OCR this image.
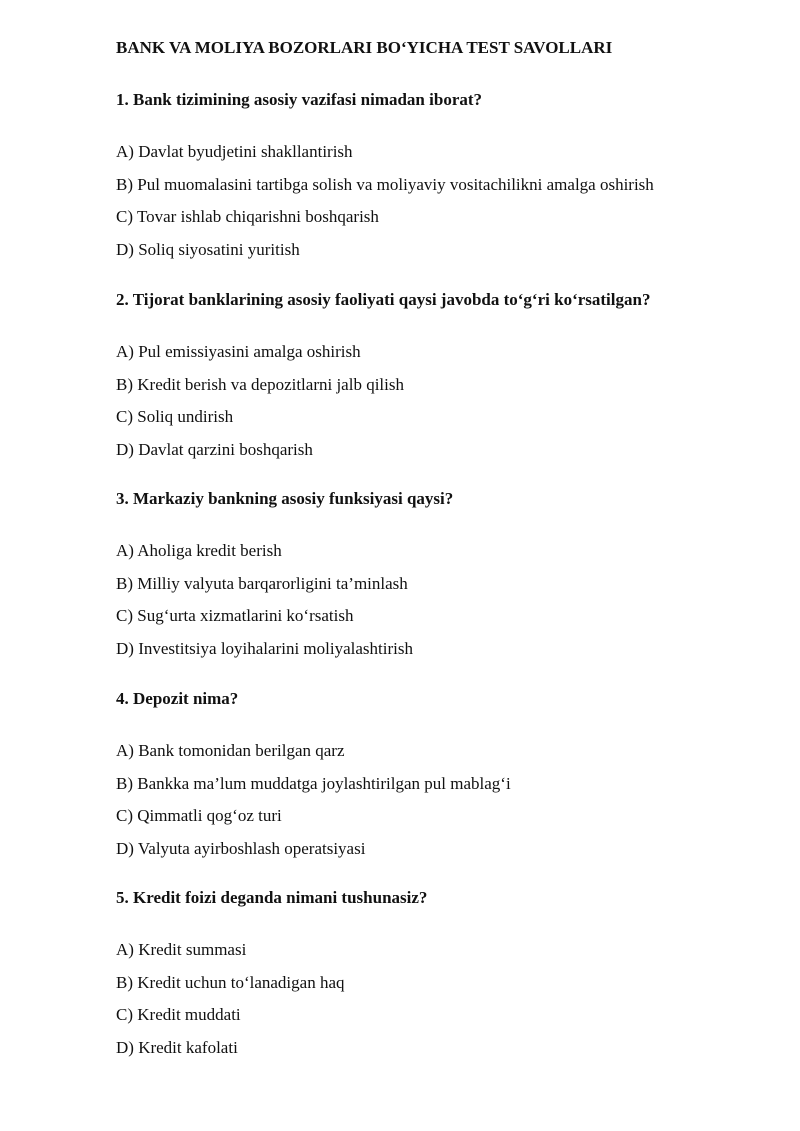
BANK VA MOLIYA BOZORLARI BO‘YICHA TEST SAVOLLARI

1. Bank tizimining asosiy vazifasi nimadan iborat?

A) Davlat byudjetini shakllantirish
B) Pul muomalasini tartibga solish va moliyaviy vositachilikni amalga oshirish
C) Tovar ishlab chiqarishni boshqarish
D) Soliq siyosatini yuritish

2. Tijorat banklarining asosiy faoliyati qaysi javobda to‘g‘ri ko‘rsatilgan?

A) Pul emissiyasini amalga oshirish
B) Kredit berish va depozitlarni jalb qilish
C) Soliq undirish
D) Davlat qarzini boshqarish

3. Markaziy bankning asosiy funksiyasi qaysi?

A) Aholiga kredit berish
B) Milliy valyuta barqarorligini ta’minlash
C) Sug‘urta xizmatlarini ko‘rsatish
D) Investitsiya loyihalarini moliyalashtirish

4. Depozit nima?

A) Bank tomonidan berilgan qarz
B) Bankka ma’lum muddatga joylashtirilgan pul mablag‘i
C) Qimmatli qog‘oz turi
D) Valyuta ayirboshlash operatsiyasi

5. Kredit foizi deganda nimani tushunasiz?

A) Kredit summasi
B) Kredit uchun to‘lanadigan haq
C) Kredit muddati
D) Kredit kafolati
